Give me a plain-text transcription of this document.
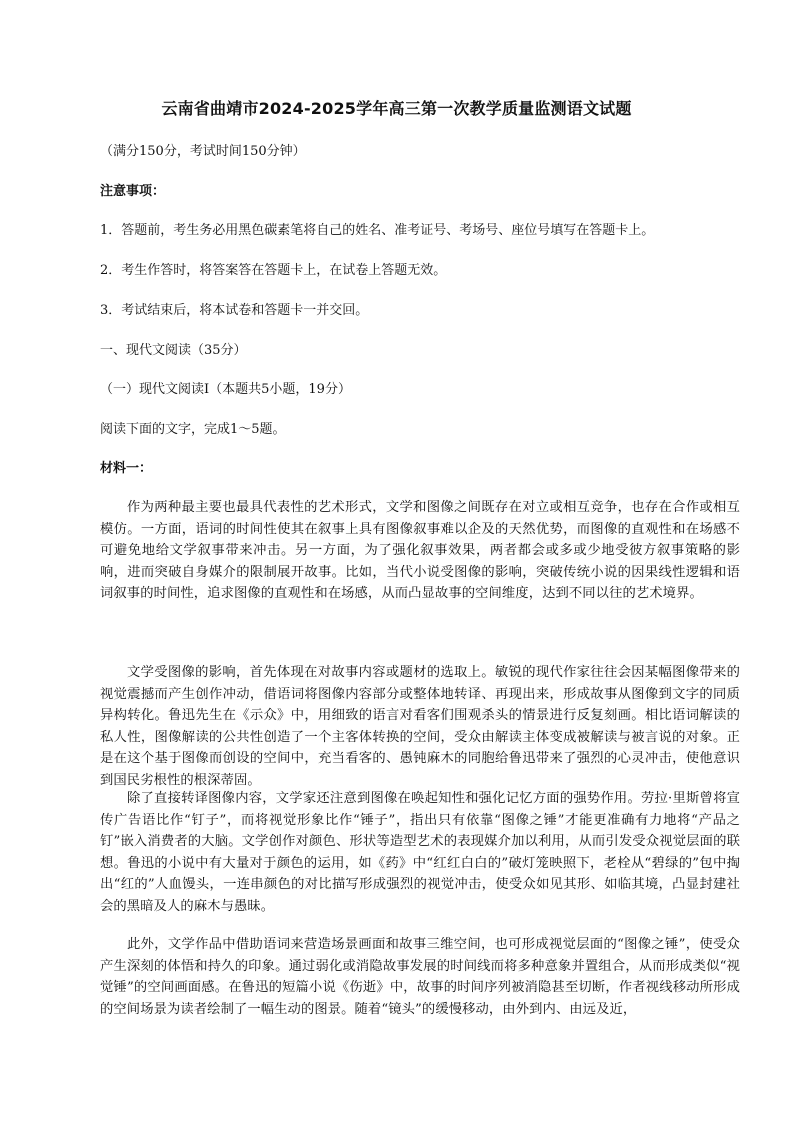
云南省曲靖市2024-2025学年高三第一次教学质量监测语文试题
（满分150分，考试时间150分钟）
注意事项：
1．答题前，考生务必用黑色碳素笔将自己的姓名、准考证号、考场号、座位号填写在答题卡上。
2．考生作答时，将答案答在答题卡上，在试卷上答题无效。
3．考试结束后，将本试卷和答题卡一并交回。
一、现代文阅读（35分）
（一）现代文阅读Ⅰ（本题共5小题，19分）
阅读下面的文字，完成1～5题。
材料一：
作为两种最主要也最具代表性的艺术形式，文学和图像之间既存在对立或相互竞争，也存在合作或相互模仿。一方面，语词的时间性使其在叙事上具有图像叙事难以企及的天然优势，而图像的直观性和在场感不可避免地给文学叙事带来冲击。另一方面，为了强化叙事效果，两者都会或多或少地受彼方叙事策略的影响，进而突破自身媒介的限制展开故事。比如，当代小说受图像的影响，突破传统小说的因果线性逻辑和语词叙事的时间性，追求图像的直观性和在场感，从而凸显故事的空间维度，达到不同以往的艺术境界。
文学受图像的影响，首先体现在对故事内容或题材的选取上。敏锐的现代作家往往会因某幅图像带来的视觉震撼而产生创作冲动，借语词将图像内容部分或整体地转译、再现出来，形成故事从图像到文字的同质异构转化。鲁迅先生在《示众》中，用细致的语言对看客们围观杀头的情景进行反复刻画。相比语词解读的私人性，图像解读的公共性创造了一个主客体转换的空间，受众由解读主体变成被解读与被言说的对象。正是在这个基于图像而创设的空间中，充当看客的、愚钝麻木的同胞给鲁迅带来了强烈的心灵冲击，使他意识到国民劣根性的根深蒂固。
除了直接转译图像内容，文学家还注意到图像在唤起知性和强化记忆方面的强势作用。劳拉·里斯曾将宣传广告语比作“钉子”，而将视觉形象比作“锤子”，指出只有依靠“图像之锤”才能更准确有力地将“产品之钉”嵌入消费者的大脑。文学创作对颜色、形状等造型艺术的表现媒介加以利用，从而引发受众视觉层面的联想。鲁迅的小说中有大量对于颜色的运用，如《药》中“红红白白的”破灯笼映照下，老栓从“碧绿的”包中掏出“红的”人血馒头，一连串颜色的对比描写形成强烈的视觉冲击，使受众如见其形、如临其境，凸显封建社会的黑暗及人的麻木与愚昧。
此外，文学作品中借助语词来营造场景画面和故事三维空间，也可形成视觉层面的“图像之锤”，使受众产生深刻的体悟和持久的印象。通过弱化或消隐故事发展的时间线而将多种意象并置组合，从而形成类似“视觉锤”的空间画面感。在鲁迅的短篇小说《伤逝》中，故事的时间序列被消隐甚至切断，作者视线移动所形成的空间场景为读者绘制了一幅生动的图景。随着“镜头”的缓慢移动，由外到内、由远及近，
